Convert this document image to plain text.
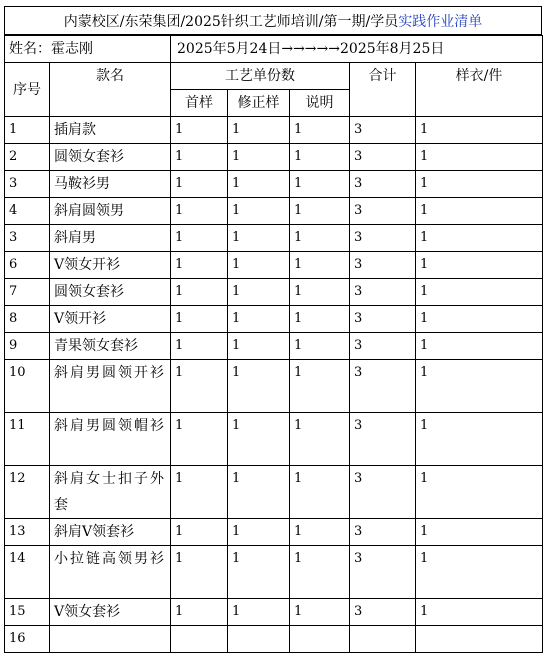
内蒙校区/东荣集团/2025针织工艺师培训/第一期/学员 实践作业清单
姓名：霍志刚		2025年5月24日→→→→→2025年8月25日				
序号	款名	工艺单份数			合计	样衣/件
		首样	修正样	说明		
1	插肩款	1	1	1	3	1
2	圆领女套衫	1	1	1	3	1
3	马鞍衫男	1	1	1	3	1
4	斜肩圆领男	1	1	1	3	1
3	斜肩男	1	1	1	3	1
6	V领女开衫	1	1	1	3	1
7	圆领女套衫	1	1	1	3	1
8	V领开衫	1	1	1	3	1
9	青果领女套衫	1	1	1	3	1
10	斜肩男圆领开衫	1	1	1	3	1
11	斜肩男圆领帽衫	1	1	1	3	1
12	斜肩女士扣子外套	1	1	1	3	1
13	斜肩V领套衫	1	1	1	3	1
14	小拉链高领男衫	1	1	1	3	1
15	V领女套衫	1	1	1	3	1
16						
